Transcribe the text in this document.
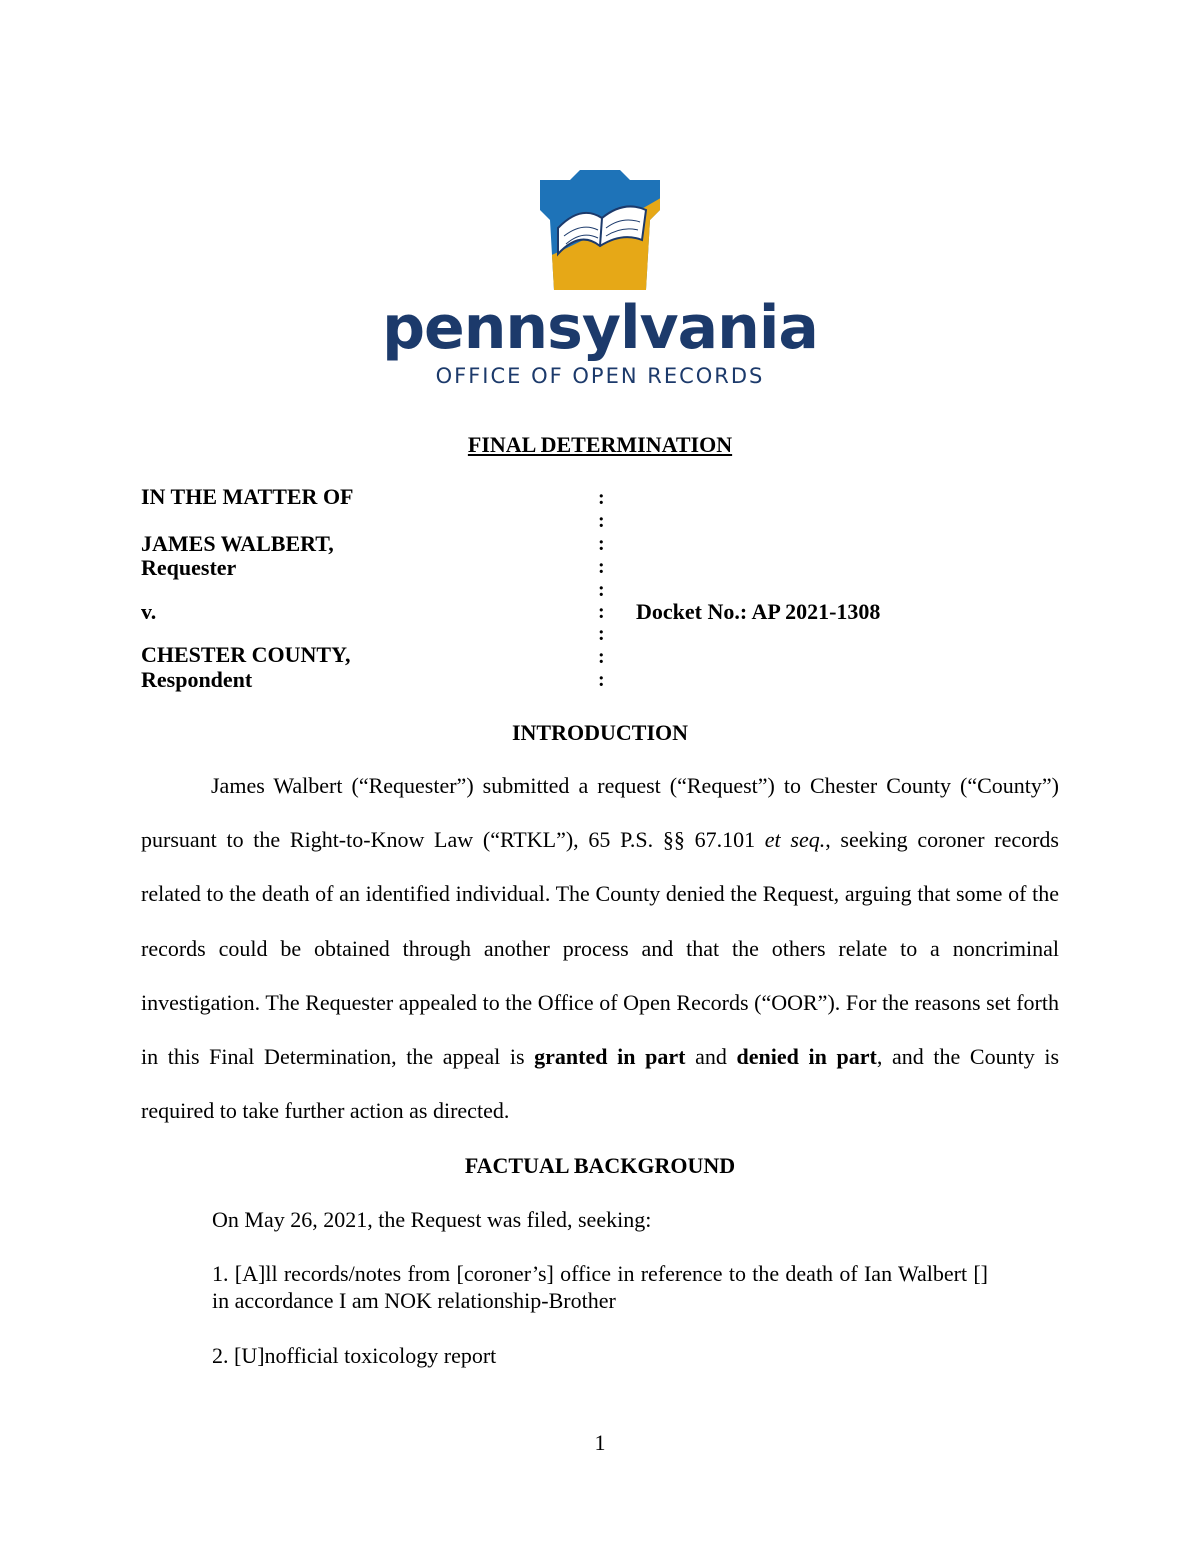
pennsylvania
OFFICE OF OPEN RECORDS
FINAL DETERMINATION
IN THE MATTER OF
JAMES WALBERT,
Requester
v.
CHESTER COUNTY,
Respondent
Docket No.: AP 2021-1308
:
:
:
:
:
:
:
:
:
INTRODUCTION

James Walbert (“Requester”) submitted a request (“Request”) to Chester County (“County”) pursuant to the Right-to-Know Law (“RTKL”), 65 P.S. §§ 67.101 et seq., seeking coroner records related to the death of an identified individual. The County denied the Request, arguing that some of the records could be obtained through another process and that the others relate to a noncriminal investigation. The Requester appealed to the Office of Open Records (“OOR”). For the reasons set forth in this Final Determination, the appeal is granted in part and denied in part, and the County is required to take further action as directed.

FACTUAL BACKGROUND
On May 26, 2021, the Request was filed, seeking:

1. [A]ll records/notes from [coroner’s] office in reference to the death of Ian Walbert [] in accordance I am NOK relationship-Brother

2. [U]nofficial toxicology report
1
